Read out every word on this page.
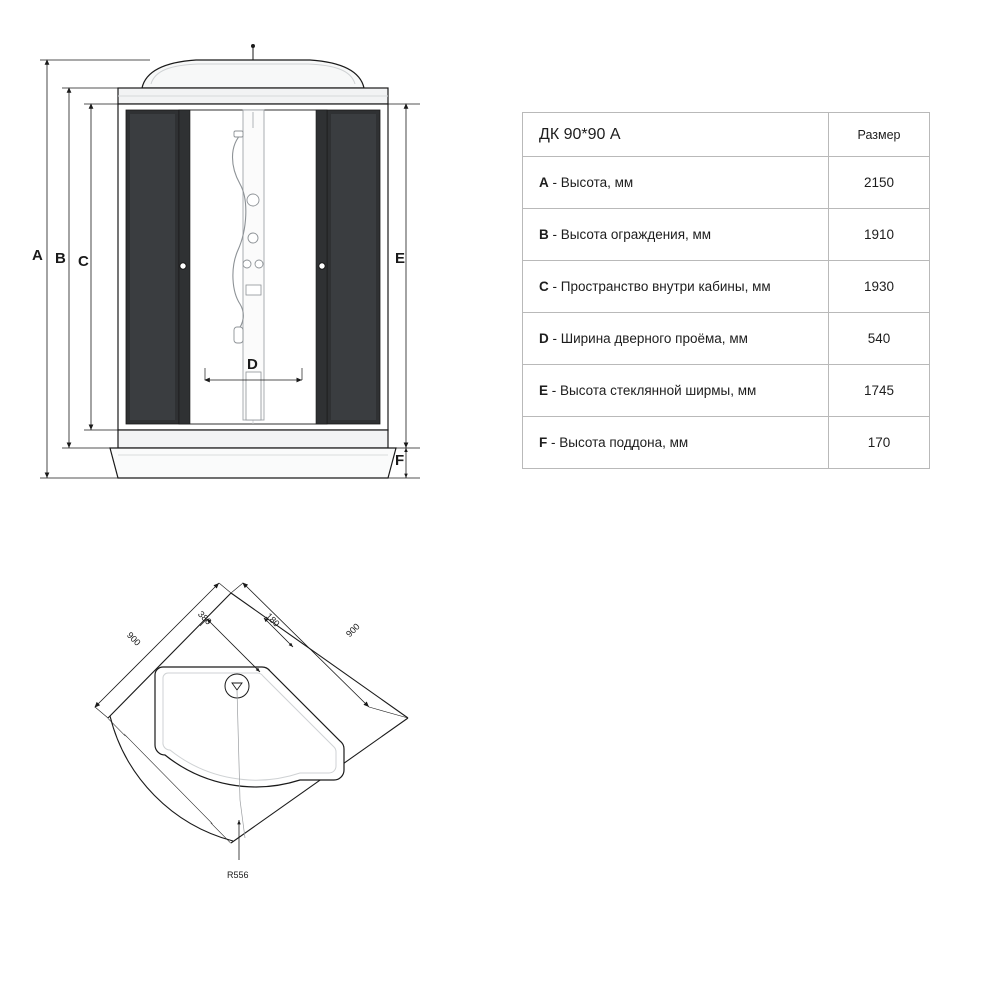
ДК 90*90 А	Размер
A - Высота, мм	2150
B - Высота ограждения, мм	1910
C - Пространство внутри кабины, мм	1930
D - Ширина дверного проёма, мм	540
E - Высота стеклянной ширмы, мм	1745
F - Высота поддона, мм	170
A B C
D
E
F
900	900
380	180
R556
